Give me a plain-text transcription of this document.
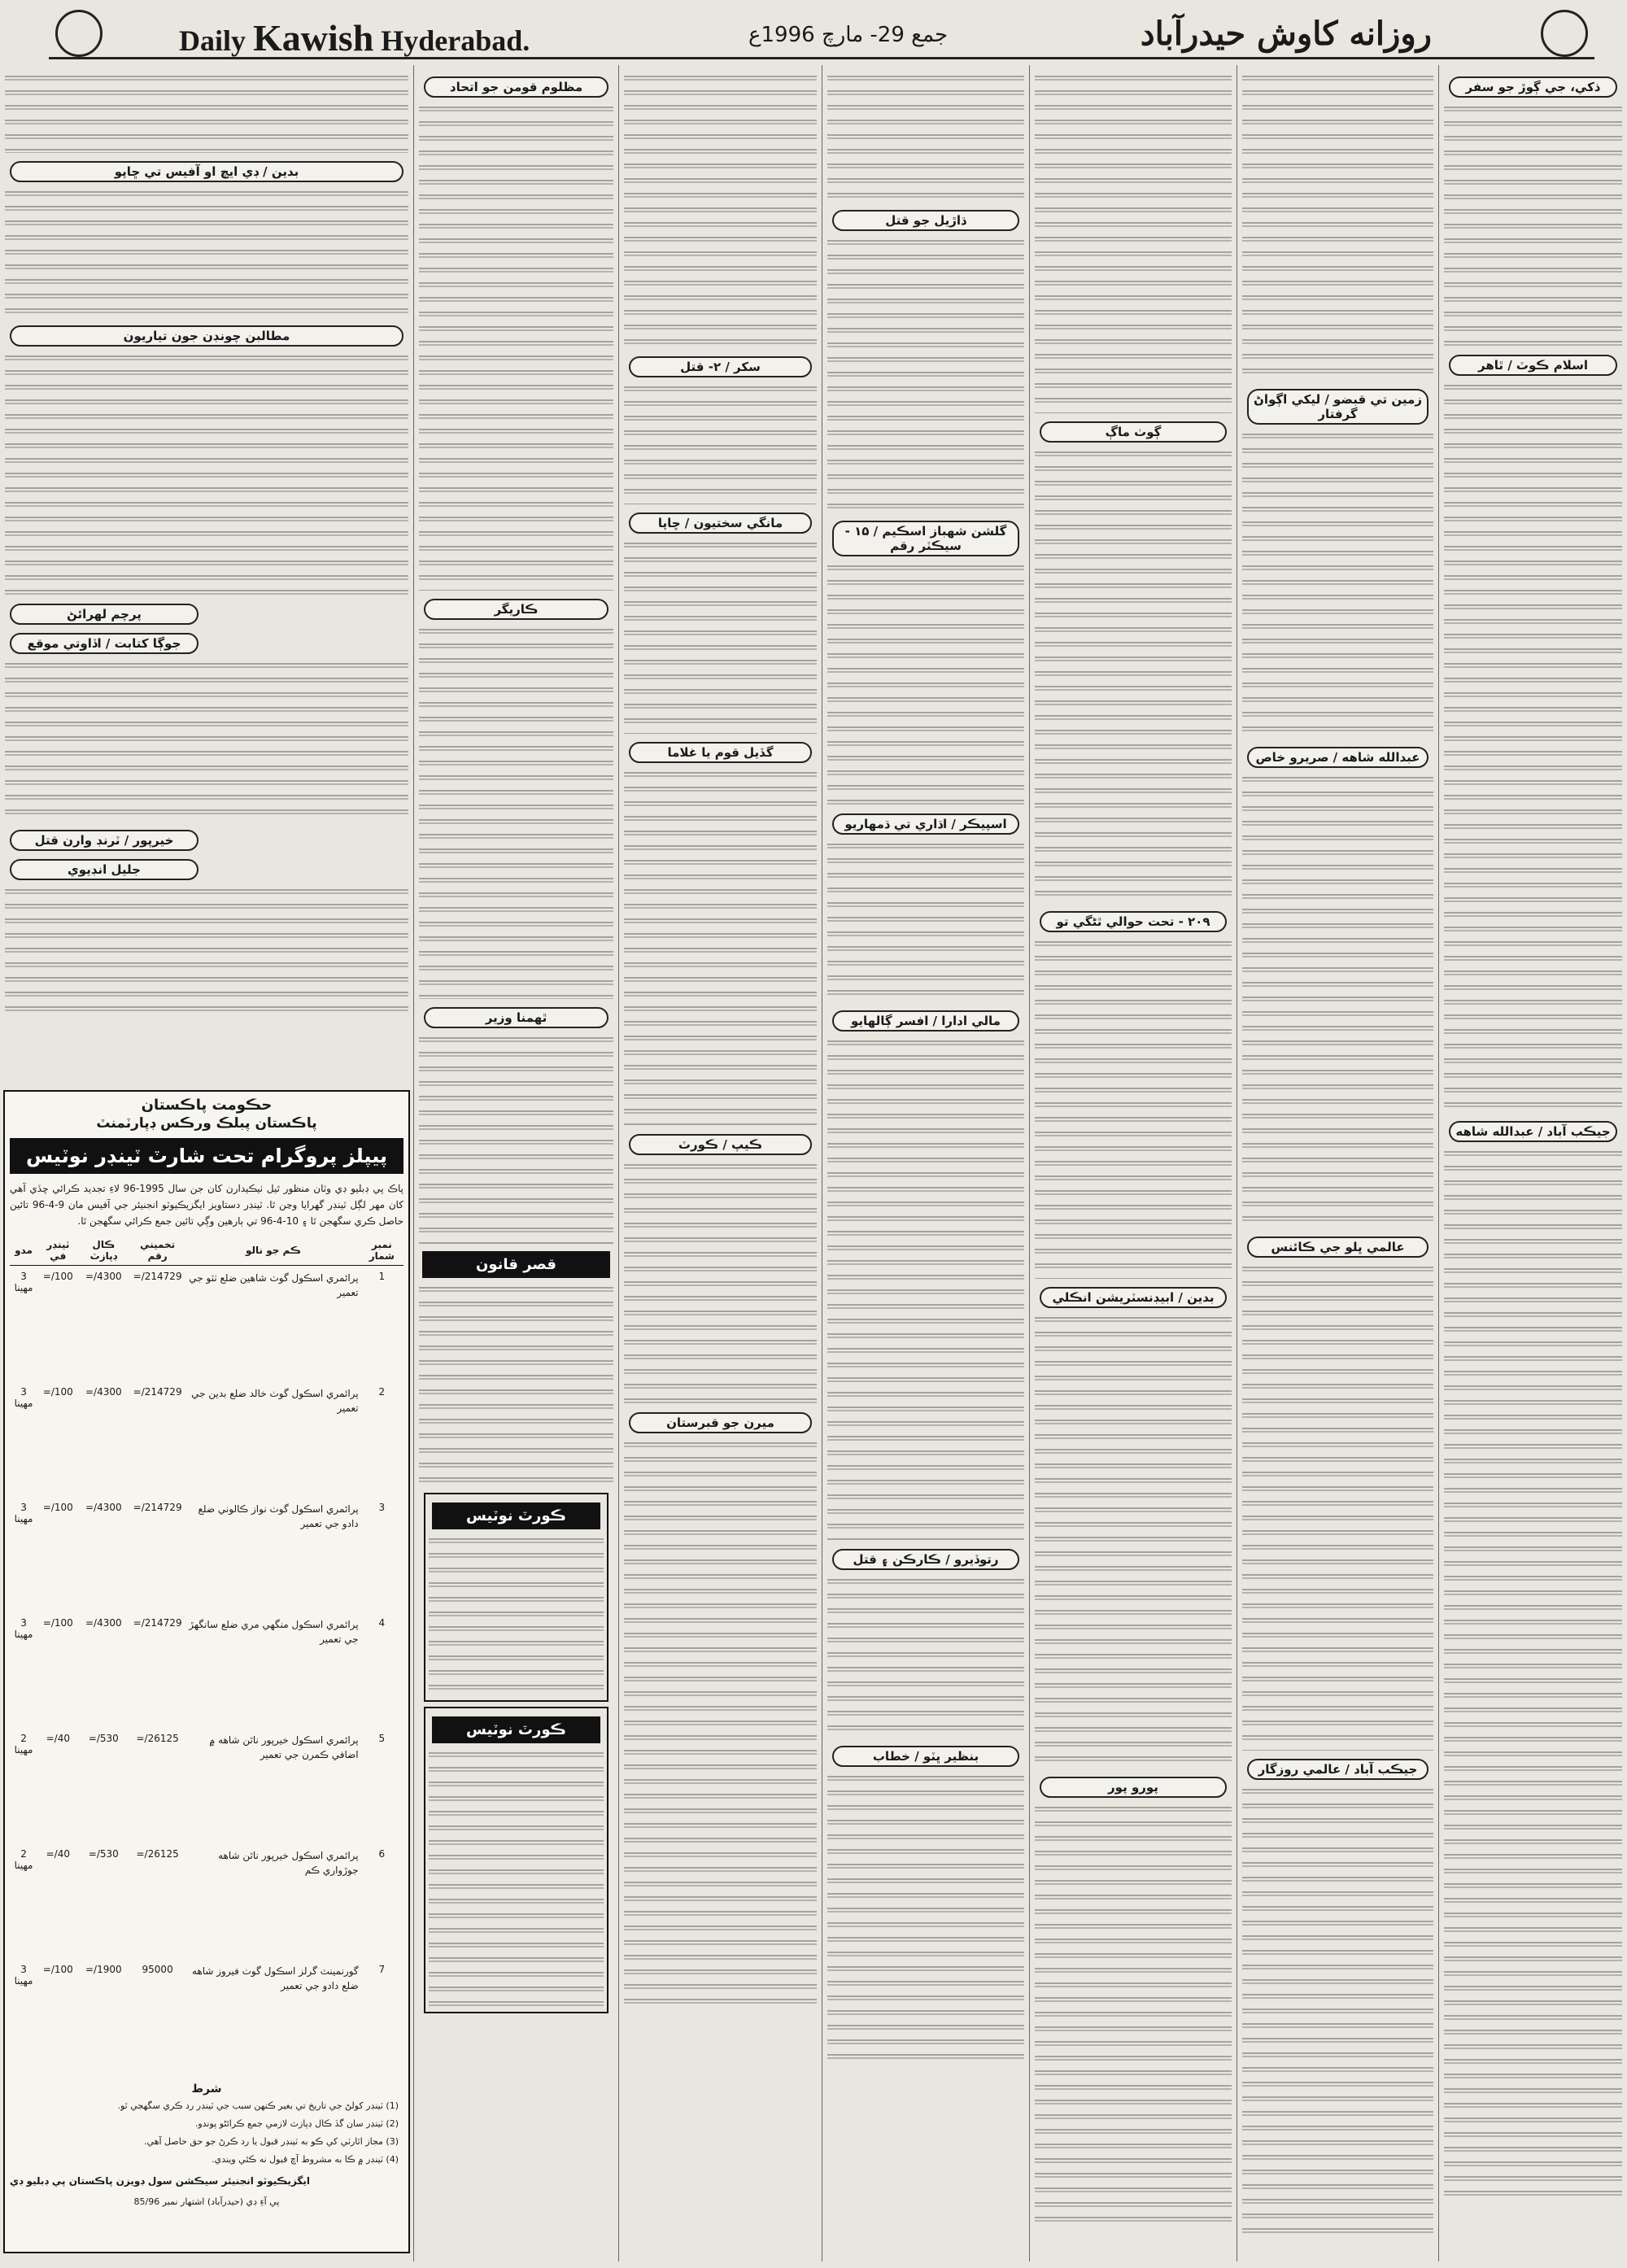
Daily Kawish Hyderabad.	جمع 29- مارچ 1996ع	روزانه کاوش حيدرآباد
ذکي، جي ڳوڙ جو سفر
اسلام ڪوٽ / ٿاهر
جيڪب آباد / عبدالله شاهه
زمين تي قبضو / ليکي اڳواڻ گرفتار
عبدالله شاهه / صريرو خاص
عالمي ڀلو جي ڪائنس
جيڪب آباد / عالمي روزگار
ڳوٺ ماڳ
۲۰۹ - تحت حوالي ٿڻگي تو
بدين / ابيڊنسٽريشن انڪلي
پورو پور
ڌاڙيل جو قتل
گلشن شهباز اسڪيم / ۱۵ - سيڪٽر رقم
اسپيڪر / اڌاري تي ڌمهاريو
مالي ادارا / افسر ڳالهايو
رتوڏيرو / ڪارڪن ۽ قتل
بنظير ڀٽو / خطاب
سکر / ٢- قتل
مانگي سختيون / ڇاپا
گڏيل قوم يا غلاما
ڪيپ / ڪورٽ
ميرن جو قبرستان
مظلوم قومن جو اتحاد
ڪاريگر
ٿهمنا وزير
قصر قانون
ڪورٽ نوٽيس
ڪورٽ نوٽيس
بدين / ڊي ايچ او آفيس تي ڇاپو
مطالبن چونڊن جون تياريون
پرچم لهرائڻ
جوڳا کتابت / اڏاوتي موقع
خيرپور / ٽرنڊ وارن قتل
جليل انڊيوي
حڪومت پاڪستان
پاڪستان پبلڪ ورڪس ڊپارٽمنٽ
پيپلز پروگرام تحت شارٽ ٽينڊر نوٽيس
پاڪ پي ڊبليو ڊي وٽان منظور ٿيل ٺيڪيدارن کان جن سال 1995-96 لاءِ تجديد ڪرائي ڇڏي آهي کان مهر لڳل ٽينڊر گهرايا وڃن ٿا. ٽينڊر دستاويز ايگزيڪيوٽو انجنيئر جي آفيس مان 9-4-96 تائين حاصل ڪري سگهجن ٿا ۽ 10-4-96 تي ٻارهين وڳي تائين جمع ڪرائي سگهجن ٿا.
نمبر شمار	ڪم جو نالو	تخميني رقم	ڪال ڊپازٽ	ٽينڊر في	مدو
1	پرائمري اسڪول گوٺ شاهين ضلع ٺٽو جي تعمير	214729/=	4300/=	100/=	3 مهينا
2	پرائمري اسڪول گوٺ خالد ضلع بدين جي تعمير	214729/=	4300/=	100/=	3 مهينا
3	پرائمري اسڪول گوٺ نواز ڪالوني ضلع دادو جي تعمير	214729/=	4300/=	100/=	3 مهينا
4	پرائمري اسڪول منگهي مري ضلع سانگهڙ جي تعمير	214729/=	4300/=	100/=	3 مهينا
5	پرائمري اسڪول خيرپور ناٿن شاهه ۾ اضافي ڪمرن جي تعمير	26125/=	530/=	40/=	2 مهينا
6	پرائمري اسڪول خيرپور ناٿن شاهه جوڙواري ڪم	26125/=	530/=	40/=	2 مهينا
7	گورنمينٽ گرلز اسڪول گوٺ فيروز شاهه ضلع دادو جي تعمير	95000	1900/=	100/=	3 مهينا
شرط
(1) ٽينڊر کولڻ جي تاريخ تي بغير ڪنهن سبب جي ٽينڊر رد ڪري سگهجي ٿو.
(2) ٽينڊر سان گڏ ڪال ڊپازٽ لازمي جمع ڪرائڻو پوندو.
(3) مجاز اٿارٽي کي ڪو به ٽينڊر قبول يا رد ڪرڻ جو حق حاصل آهي.
(4) ٽينڊر ۾ ڪا به مشروط آڇ قبول نه ڪئي ويندي.
ايگزيڪيوٽو انجنيئر سيڪشن سول ڊويزن پاڪستان پي ڊبليو ڊي
پي آءِ ڊي (حيدرآباد) اشتهار نمبر 85/96
